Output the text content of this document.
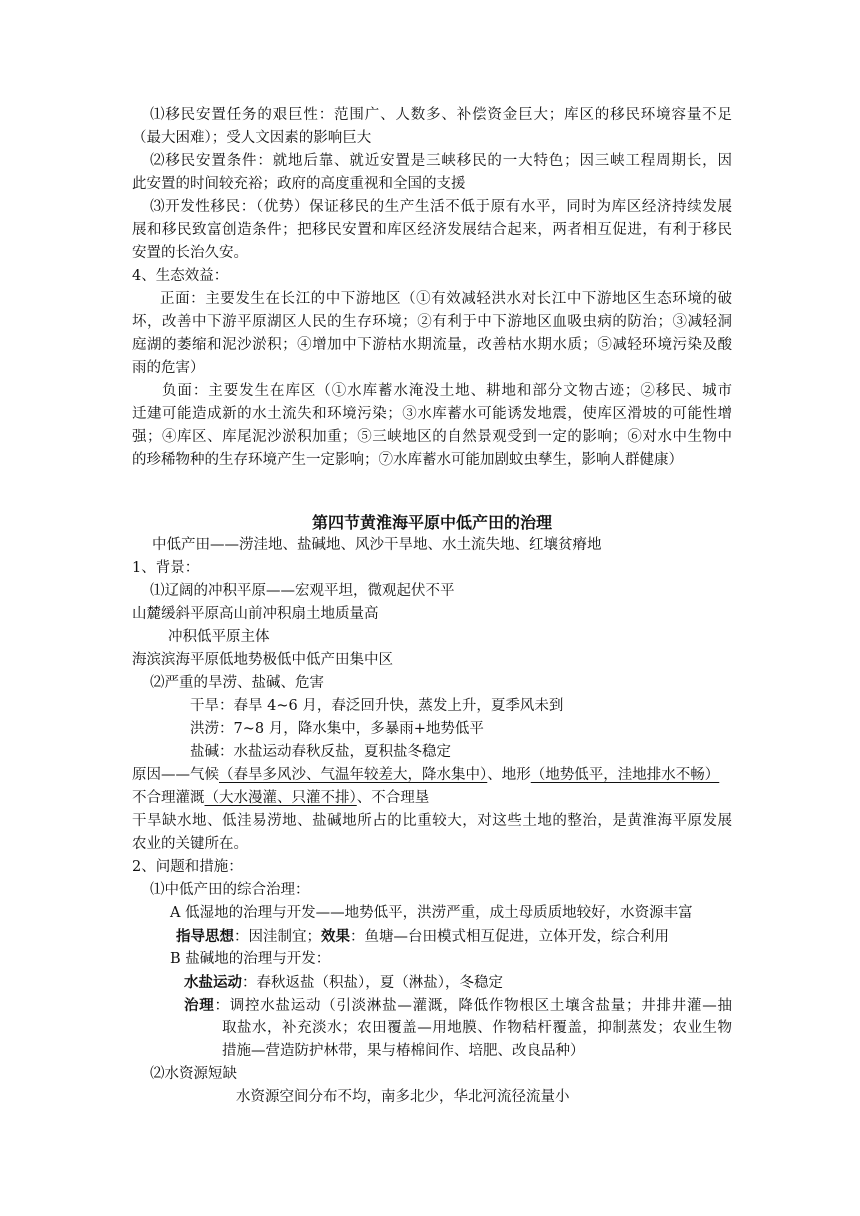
⑴移民安置任务的艰巨性：范围广、人数多、补偿资金巨大；库区的移民环境容量不足
（最大困难）；受人文因素的影响巨大
⑵移民安置条件：就地后靠、就近安置是三峡移民的一大特色；因三峡工程周期长，因
此安置的时间较充裕；政府的高度重视和全国的支援
⑶开发性移民：（优势）保证移民的生产生活不低于原有水平，同时为库区经济持续发展
展和移民致富创造条件；把移民安置和库区经济发展结合起来，两者相互促进，有利于移民
安置的长治久安。
4、生态效益：
正面：主要发生在长江的中下游地区（①有效减轻洪水对长江中下游地区生态环境的破
坏，改善中下游平原湖区人民的生存环境；②有利于中下游地区血吸虫病的防治；③减轻洞
庭湖的萎缩和泥沙淤积；④增加中下游枯水期流量，改善枯水期水质；⑤减轻环境污染及酸
雨的危害）
负面：主要发生在库区（①水库蓄水淹没土地、耕地和部分文物古迹；②移民、城市
迁建可能造成新的水土流失和环境污染；③水库蓄水可能诱发地震，使库区滑坡的可能性增
强；④库区、库尾泥沙淤积加重；⑤三峡地区的自然景观受到一定的影响；⑥对水中生物中
的珍稀物种的生存环境产生一定影响；⑦水库蓄水可能加剧蚊虫孳生，影响人群健康）
第四节黄淮海平原中低产田的治理
中低产田——涝洼地、盐碱地、风沙干旱地、水土流失地、红壤贫瘠地
1、背景：
⑴辽阔的冲积平原——宏观平坦，微观起伏不平
山麓缓斜平原高山前冲积扇土地质量高
冲积低平原主体
海滨滨海平原低地势极低中低产田集中区
⑵严重的旱涝、盐碱、危害
干旱：春旱 4~6 月，春泛回升快，蒸发上升，夏季风未到
洪涝：7~8 月，降水集中，多暴雨+地势低平
盐碱：水盐运动春秋反盐，夏积盐冬稳定
原因——气候（春旱多风沙、气温年较差大，降水集中）、地形（地势低平，洼地排水不畅）
不合理灌溉（大水漫灌、只灌不排）、不合理垦
干旱缺水地、低洼易涝地、盐碱地所占的比重较大，对这些土地的整治，是黄淮海平原发展
农业的关键所在。
2、问题和措施：
⑴中低产田的综合治理：
A 低湿地的治理与开发——地势低平，洪涝严重，成土母质质地较好，水资源丰富
指导思想：因洼制宜；效果：鱼塘—台田模式相互促进，立体开发，综合利用
B 盐碱地的治理与开发：
水盐运动：春秋返盐（积盐），夏（淋盐），冬稳定
治理：调控水盐运动（引淡淋盐—灌溉，降低作物根区土壤含盐量；井排井灌—抽
取盐水，补充淡水；农田覆盖—用地膜、作物秸杆覆盖，抑制蒸发；农业生物
措施—营造防护林带，果与椿棉间作、培肥、改良品种）
⑵水资源短缺
水资源空间分布不均，南多北少，华北河流径流量小
